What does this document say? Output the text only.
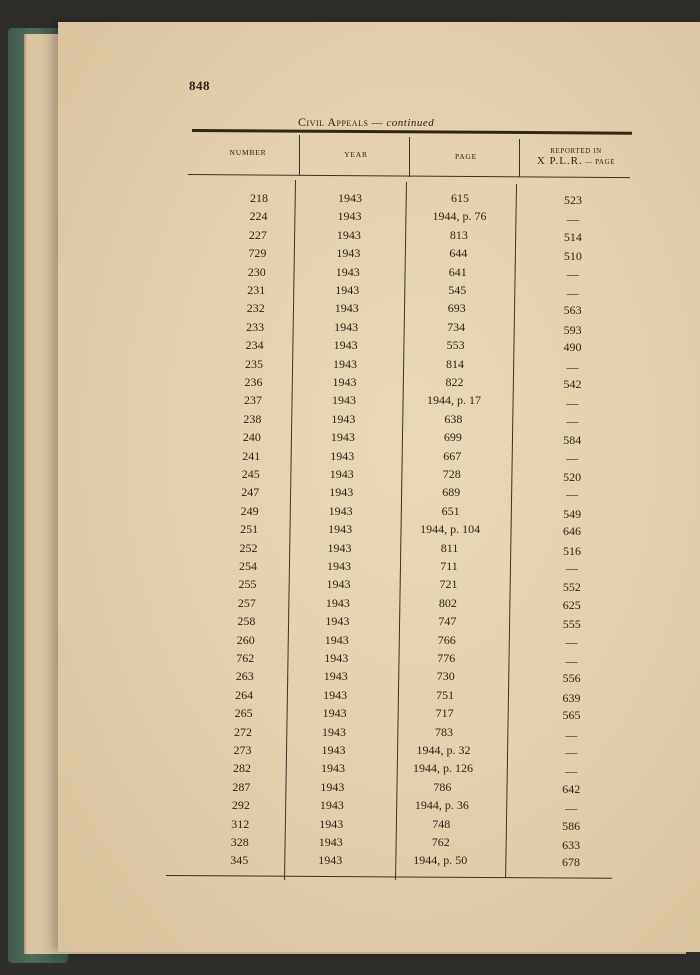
848
Civil Appeals — continued
NUMBER	YEAR	PAGE
REPORTED IN
X P.L.R. — PAGE
218	1943	615	523
224	1943	1944, p. 76	—
227	1943	813	514
729	1943	644	510
230	1943	641	—
231	1943	545	—
232	1943	693	563
233	1943	734	593
234	1943	553	490
235	1943	814	—
236	1943	822	542
237	1943	1944, p. 17	—
238	1943	638	—
240	1943	699	584
241	1943	667	—
245	1943	728	520
247	1943	689	—
249	1943	651	549
251	1943	1944, p. 104	646
252	1943	811	516
254	1943	711	—
255	1943	721	552
257	1943	802	625
258	1943	747	555
260	1943	766	—
762	1943	776	—
263	1943	730	556
264	1943	751	639
265	1943	717	565
272	1943	783	—
273	1943	1944, p. 32	—
282	1943	1944, p. 126	—
287	1943	786	642
292	1943	1944, p. 36	—
312	1943	748	586
328	1943	762	633
345	1943	1944, p. 50	678
